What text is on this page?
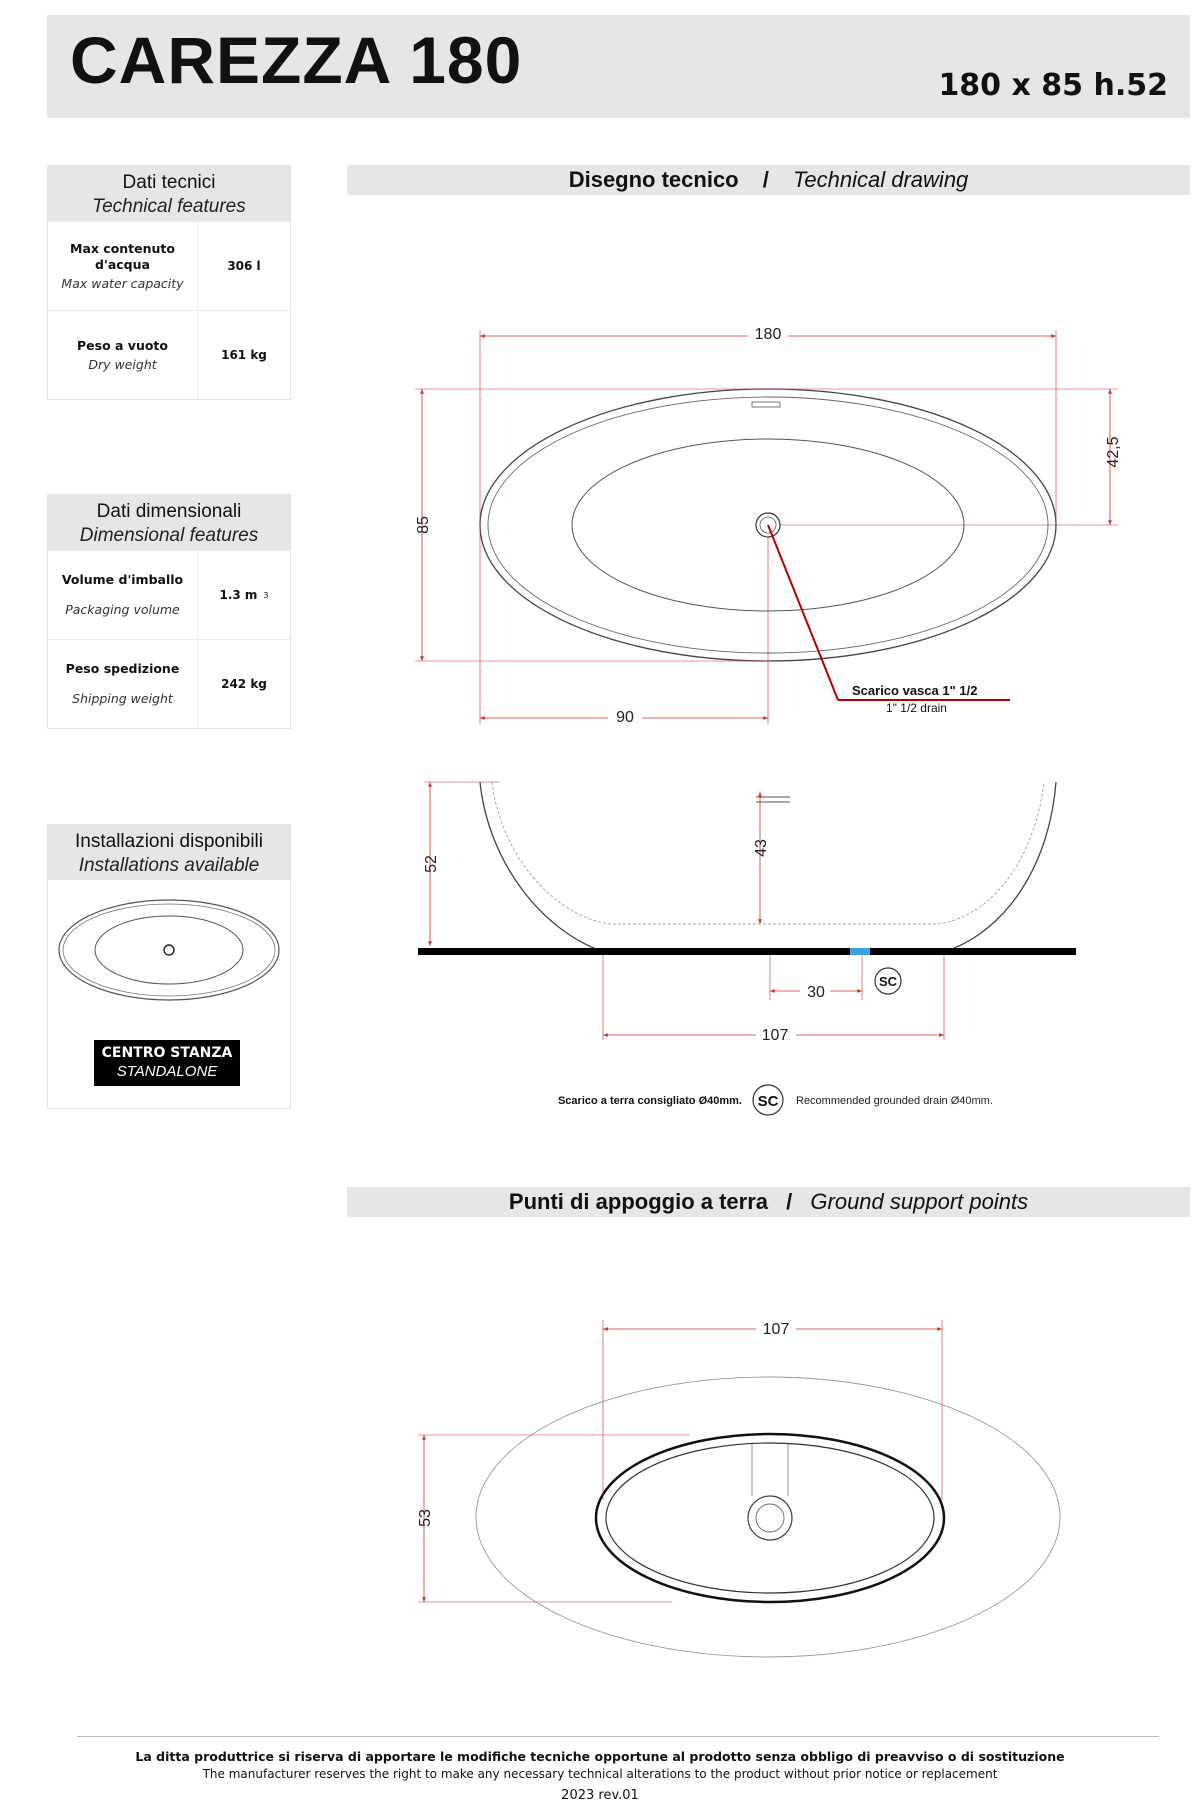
CAREZZA 180	180 x 85 h.52
Dati tecnici
Technical features
Max contenuto d'acqua
Max water capacity
306 l
Peso a vuoto
Dry weight
161 kg
Dati dimensionali
Dimensional features
Volume d'imballo
Packaging volume
1.3 m 3
Peso spedizione
Shipping weight
242 kg
Installazioni disponibili
Installations available
CENTRO STANZA
STANDALONE
Disegno tecnico / Technical drawing
180
85
42,5
90
Scarico vasca 1" 1/2
1" 1/2 drain
52
43
30
SC
107
Scarico a terra consigliato Ø40mm. SC Recommended grounded drain Ø40mm.
107
53
Punti di appoggio a terra / Ground support points
La ditta produttrice si riserva di apportare le modifiche tecniche opportune al prodotto senza obbligo di preavviso o di sostituzione
The manufacturer reserves the right to make any necessary technical alterations to the product without prior notice or replacement
2023 rev.01
